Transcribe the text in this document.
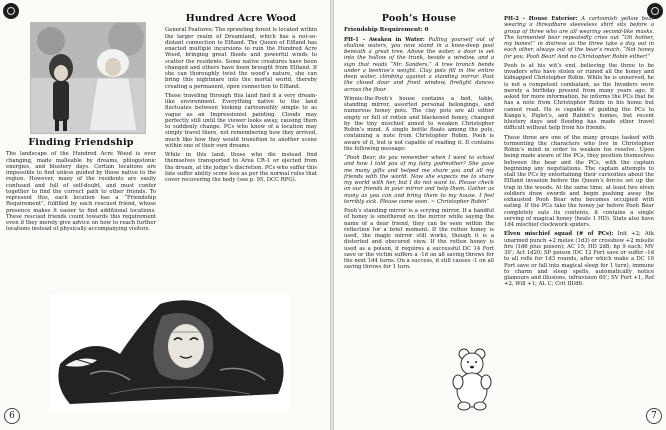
Finding Friendship

The landscape of the Hundred Acre Wood is ever changing, made malleable by dreams, phlogistonic energies, and blustery days. Certain locations are impossible to find unless guided by those native to the region. However, many of the residents are easily confused and full of self-doubt, and must confer together to find the correct path to other friends. To represent this, each location has a “Friendship Requirement”, fulfilled by each rescued friend, whose presence makes it easier to find additional locations. These rescued friends count towards this requirement even if they merely give advice on how to reach further locations instead of physically accompanying visitors.

Hundred Acre Wood

General Features: The sprawling forest is located within the larger realm of Dreamland, which has a not-so-distant connection to Elfland. The Queen of Elfland has enacted multiple incursions to ruin the Hundred Acre Wood, bringing great floods and powerful winds to scatter the residents. Some native creatures have been changed and others have been brought from Elfland. If she can thoroughly twist the wood’s nature, she can bring this nightmare into the mortal world, thereby creating a permanent, open connection to Elfland.

Those traveling through this land find it a very dream-like environment. Everything native to the land fluctuates between looking cartoonishly simple to as vague as an Impressionist painting. Clouds may perfectly still until the viewer looks away, causing them to suddenly change. PCs who know of a location may simply travel there, not remembering how they arrived, much like how they would transition to another scene within one of their own dreams.

While in this land, those who die instead find themselves transported to Area CR-1 or ejected from the dream, at the judge’s discretion. PCs who suffer this fate suffer ability score loss as per the normal rules that cover recovering the body (see p. 95, DCC RPG).

6
Pooh’s House
Friendship Requirement: 0

PH-1 - Awaken in Water: Pulling yourself out of shallow waters, you now stand in a knee-deep pool beneath a great tree. Above the water, a door is set into the hollow of the trunk, beside a window, and a sign that reads “Mr. Sanders.” A tree branch bends under a beehive’s weight. Clay pots fill in the entire deep water, climbing against a standing mirror. Past the closed door and front window, firelight dances across the floor.

Winnie-the-Pooh’s house contains a bed, table, standing mirror, assorted personal belongings, and numerous honey pots. The clay pots are all either empty or full of rotten and blackened honey, changed by the tiny mischief aimed to weaken Christopher Robin’s mind. A single bottle floats among the pots, containing a note from Christopher Robin. Pooh is aware of it, but is not capable of reading it. It contains the following message:

“Pooh Bear, do you remember when I went to school and how I told you of my fairy godmother? She gave me many gifts and helped me share you and all my friends with the world. Now she expects me to share my world with her, but I do not want to. Please check on our friends in your mirror and help them. Gather as many as you can and bring them to my house. I feel terribly sick. Please come soon. ~ Christopher Robin”

Pooh’s standing mirror is a scrying mirror. If a handful of honey is smothered on the mirror while saying the name of a dear friend, they can be seen within the reflection for a brief moment. If the rotten honey is used, the magic mirror still works, though it is a distorted and obscured view. If the rotten honey is used as a poison, it requires a successful DC 14 Fort save or the victim suffers a -1d on all saving throws for the next 1d4 turns. On a success, it still causes -1 on all saving throws for 1 turn.

PH-2 - House Exterior: A cartoonish yellow bear wearing a threadbare sleeveless shirt sits before a group of three who are all wearing second-like masks. The tormented bear repeatedly cries out “Oh bother, my bones!” in distress as the three take a day out in each other, always out of the bear’s reach. “Not honey for you, Pooh Bear! And no Christopher Robin either!”

Pooh is at his wit’s end, believing the three to be invaders who have stolen or ruined all the honey and kidnapped Christopher Robin. While he is unnerved, he is not a competent combatant, as the Invaders were merely a birthday present from many years ago. If asked for more information, he informs the PCs that he has a note from Christopher Robin in his home but cannot read. He is capable of guiding the PCs to Kanga’s, Piglet’s, and Rabbit’s homes, but recent blustery days and flooding has made other travel difficult without help from his friends.

These three are one of the many groups tasked with tormenting the characters who live in Christopher Robin’s mind in order to weaken his resolve. Upon being made aware of the PCs, they position themselves between the bear and the PCs, with the captain beginning any negotiations. The captain attempts to stall the PCs by entertaining their curiosities about the Elfland invasion before the Queen’s forces set up the trap in the woods. At the same time, at least two elven soldiers draw swords and begin pushing away the exhausted Pooh Bear who becomes occupied with eating. If the PCs take the honey jar before Pooh Bear completely eats its contents, it contains a single serving of magical honey (heals 1 HD). Stats also have 1d4 mischief clockwork spiders.

Elven mischief squad (# of PCs): Init +2; Atk unarmed punch +2 melee (1d3) or crossbow +2 missile fire (1d6 plus poison); AC 15; HD 2d8; hp 9 each; MV 30’; Act 1d20; SP poison (DC 12 Fort save or suffer -1d to all rolls for 1d3 rounds, after which make a DC 10 Fort save or fall into magical sleep for 1 turn), immune to charm and sleep spells, automatically notice glamours and illusions, infravision 60’; SV Fort +1, Ref +2, Will +1; AL C; Crit III/d6.

7
